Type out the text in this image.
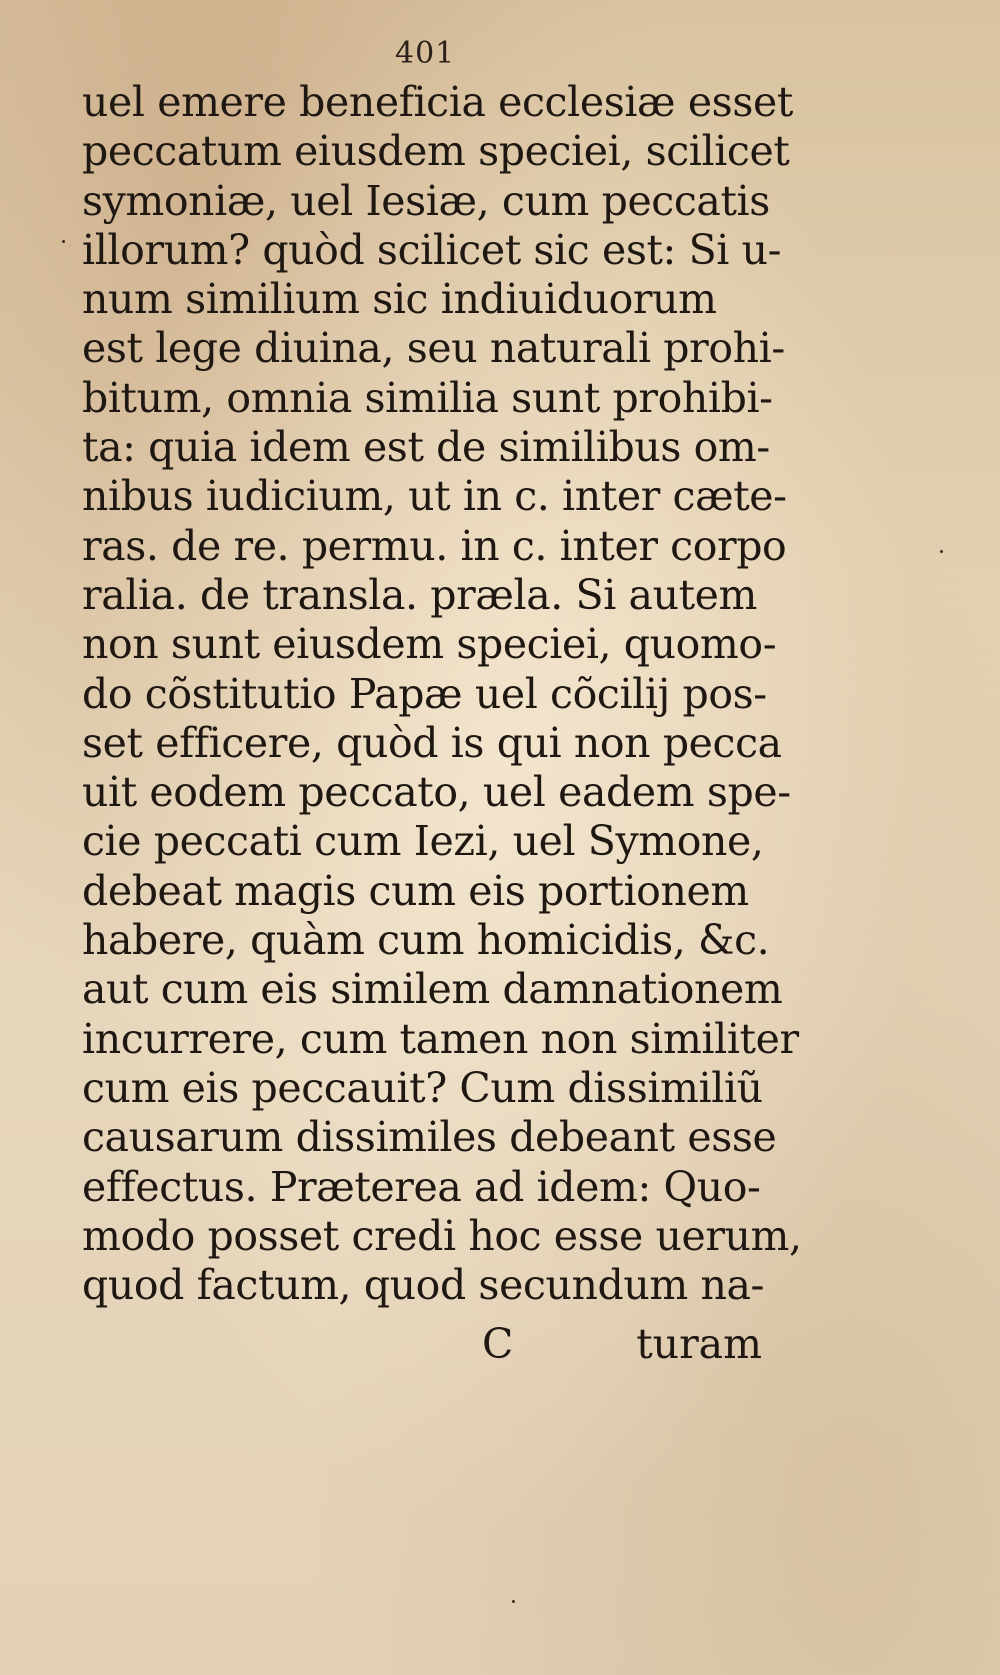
401
uel emere beneficia ecclesiæ esset
peccatum eiusdem speciei, scilicet
symoniæ, uel Iesiæ, cum peccatis
illorum? quòd scilicet sic est: Si u-
num similium sic indiuiduorum
est lege diuina, seu naturali prohi-
bitum, omnia similia sunt prohibi-
ta: quia idem est de similibus om-
nibus iudicium, ut in c. inter cæte-
ras. de re. permu. in c. inter corpo
ralia. de transla. præla. Si autem
non sunt eiusdem speciei, quomo-
do cõstitutio Papæ uel cõcilij pos-
set efficere, quòd is qui non pecca
uit eodem peccato, uel eadem spe-
cie peccati cum Iezi, uel Symone,
debeat magis cum eis portionem
habere, quàm cum homicidis, &c.
aut cum eis similem damnationem
incurrere, cum tamen non similiter
cum eis peccauit? Cum dissimiliũ
causarum dissimiles debeant esse
effectus. Præterea ad idem: Quo-
modo posset credi hoc esse uerum,
quod factum, quod secundum na-
C	turam
